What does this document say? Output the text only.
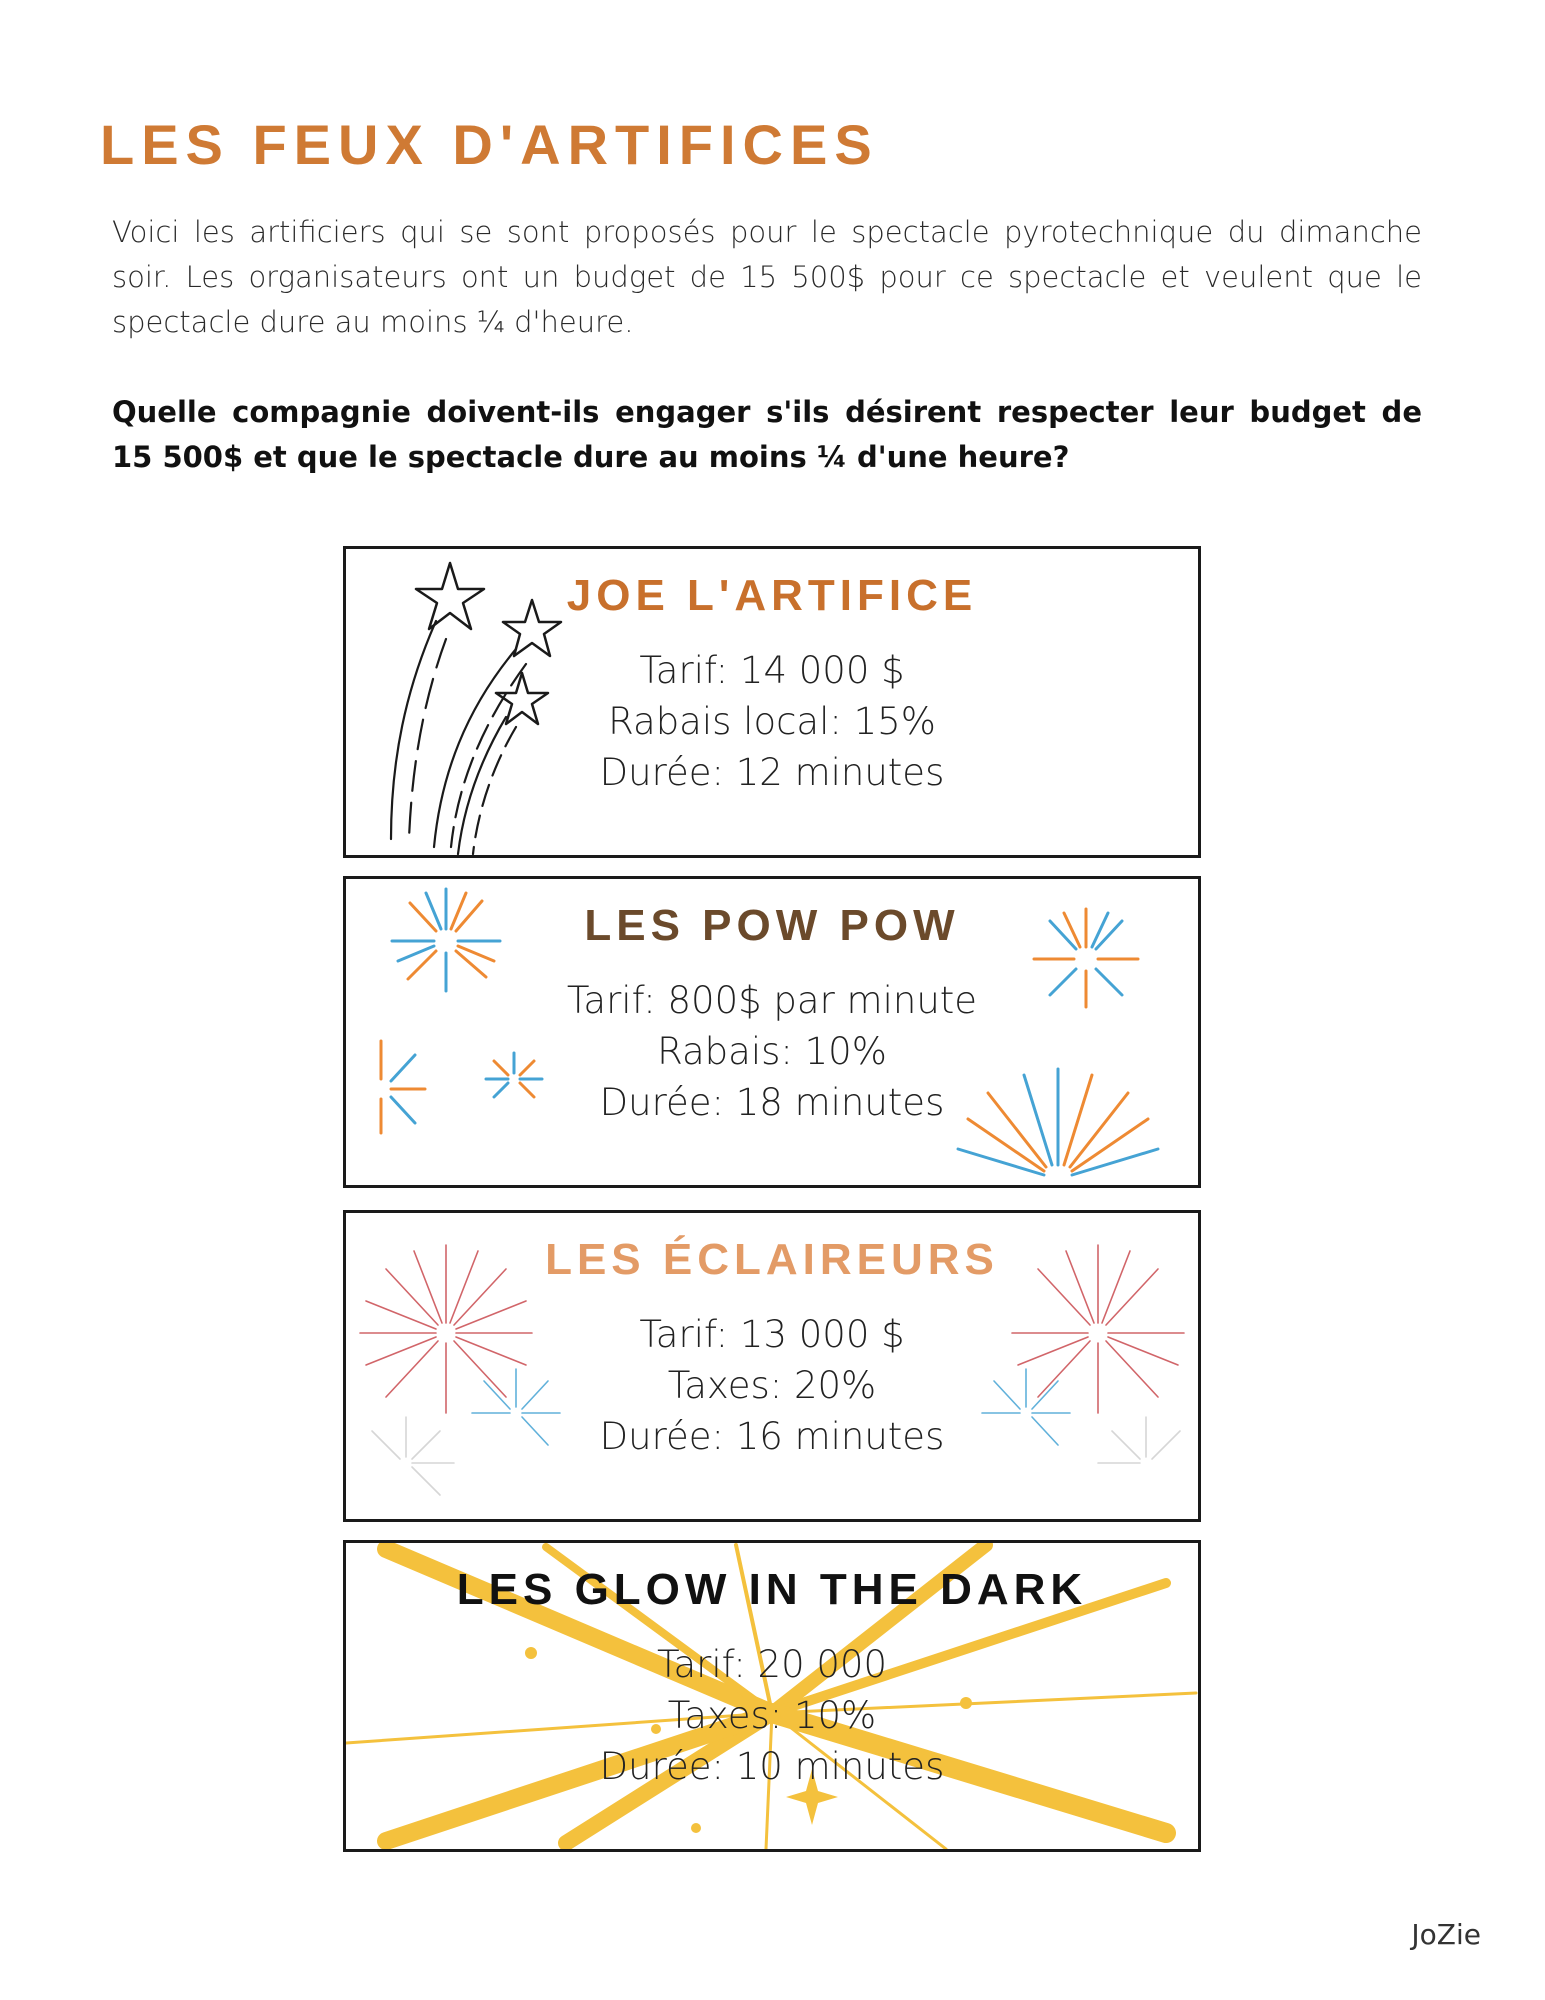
LES FEUX D'ARTIFICES

Voici les artificiers qui se sont proposés pour le spectacle pyrotechnique du dimanche soir. Les organisateurs ont un budget de 15 500$ pour ce spectacle et veulent que le spectacle dure au moins ¼ d'heure.

Quelle compagnie doivent-ils engager s'ils désirent respecter leur budget de 15 500$ et que le spectacle dure au moins ¼ d'une heure?

JOE L'ARTIFICE
Tarif: 14 000 $
Rabais local: 15%
Durée: 12 minutes
LES POW POW
Tarif: 800$ par minute
Rabais: 10%
Durée: 18 minutes
LES ÉCLAIREURS
Tarif: 13 000 $
Taxes: 20%
Durée: 16 minutes
LES GLOW IN THE DARK
Tarif: 20 000
Taxes: 10%
Durée: 10 minutes
JoZie
